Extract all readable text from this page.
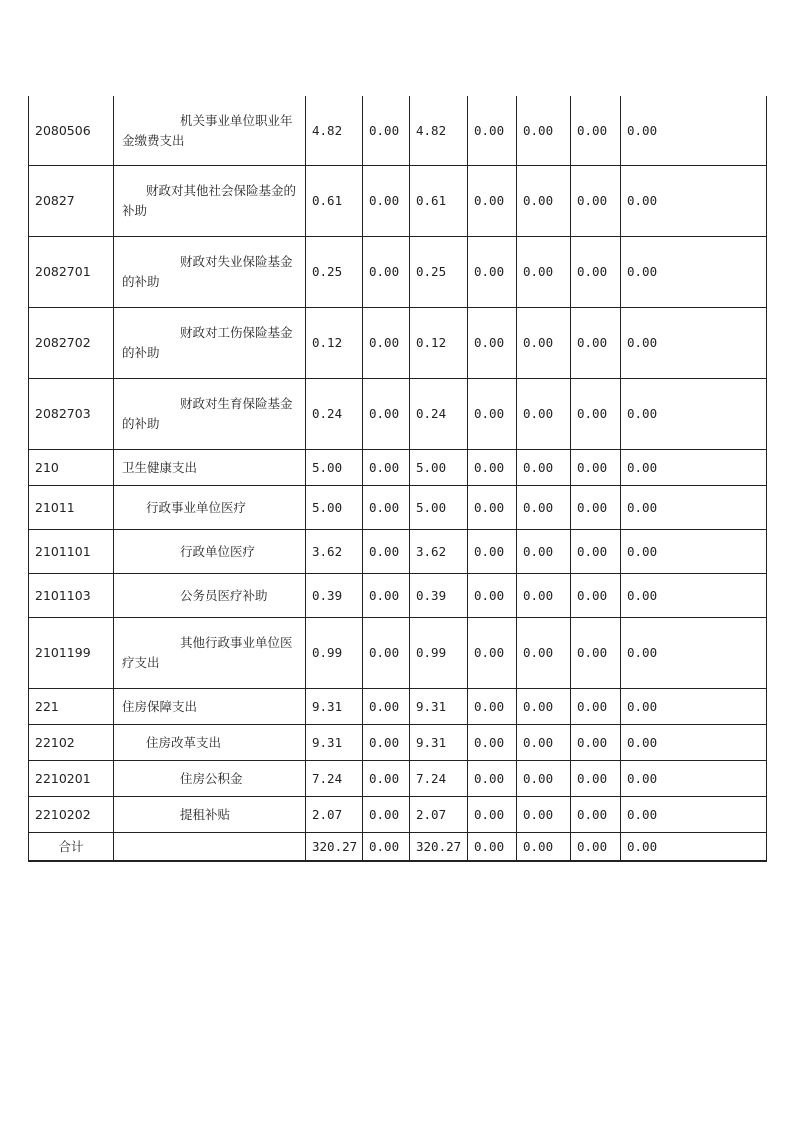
2080506	机关事业单位职业年金缴费支出	4.82	0.00	4.82	0.00	0.00	0.00	0.00
20827	财政对其他社会保险基金的补助	0.61	0.00	0.61	0.00	0.00	0.00	0.00
2082701	财政对失业保险基金的补助	0.25	0.00	0.25	0.00	0.00	0.00	0.00
2082702	财政对工伤保险基金的补助	0.12	0.00	0.12	0.00	0.00	0.00	0.00
2082703	财政对生育保险基金的补助	0.24	0.00	0.24	0.00	0.00	0.00	0.00
210	卫生健康支出	5.00	0.00	5.00	0.00	0.00	0.00	0.00
21011	行政事业单位医疗	5.00	0.00	5.00	0.00	0.00	0.00	0.00
2101101	行政单位医疗	3.62	0.00	3.62	0.00	0.00	0.00	0.00
2101103	公务员医疗补助	0.39	0.00	0.39	0.00	0.00	0.00	0.00
2101199	其他行政事业单位医疗支出	0.99	0.00	0.99	0.00	0.00	0.00	0.00
221	住房保障支出	9.31	0.00	9.31	0.00	0.00	0.00	0.00
22102	住房改革支出	9.31	0.00	9.31	0.00	0.00	0.00	0.00
2210201	住房公积金	7.24	0.00	7.24	0.00	0.00	0.00	0.00
2210202	提租补贴	2.07	0.00	2.07	0.00	0.00	0.00	0.00
合计		320.27	0.00	320.27	0.00	0.00	0.00	0.00
